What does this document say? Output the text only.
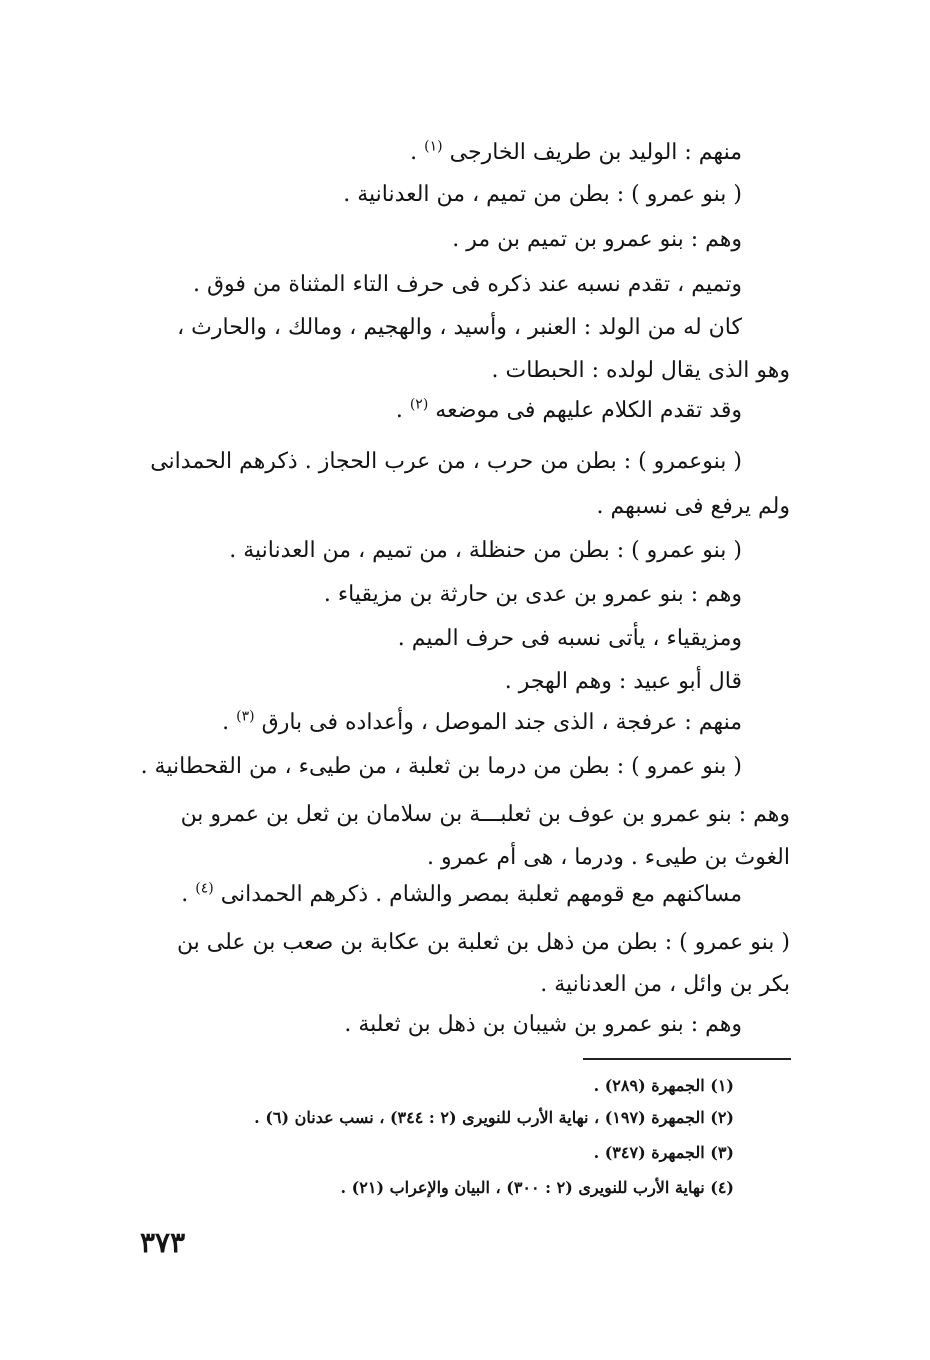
منهم : الوليد بن طريف الخارجى $^{(١)}$ .
( بنو عمرو ) : بطن من تميم ، من العدنانية .
وهم : بنو عمرو بن تميم بن مر .
وتميم ، تقدم نسبه عند ذكره فى حرف التاء المثناة من فوق .
كان له من الولد : العنبر ، وأسيد ، والهجيم ، ومالك ، والحارث ،
وهو الذى يقال لولده : الحبطات .
وقد تقدم الكلام عليهم فى موضعه $^{(٢)}$ .
( بنوعمرو ) : بطن من حرب ، من عرب الحجاز . ذكرهم الحمدانى
ولم يرفع فى نسبهم .
( بنو عمرو ) : بطن من حنظلة ، من تميم ، من العدنانية .
وهم : بنو عمرو بن عدى بن حارثة بن مزيقياء .
ومزيقياء ، يأتى نسبه فى حرف الميم .
قال أبو عبيد : وهم الهجر .
منهم : عرفجة ، الذى جند الموصل ، وأعداده فى بارق $^{(٣)}$ .
( بنو عمرو ) : بطن من درما بن ثعلبة ، من طيىء ، من القحطانية .
وهم : بنو عمرو بن عوف بن ثعلبـــة بن سلامان بن ثعل بن عمرو بن
الغوث بن طيىء . ودرما ، هى أم عمرو .
مساكنهم مع قومهم ثعلبة بمصر والشام . ذكرهم الحمدانى $^{(٤)}$ .
( بنو عمرو ) : بطن من ذهل بن ثعلبة بن عكابة بن صعب بن على بن
بكر بن وائل ، من العدنانية .
وهم : بنو عمرو بن شيبان بن ذهل بن ثعلبة .
(١) الجمهرة (٢٨٩) .
(٢) الجمهرة (١٩٧) ، نهاية الأرب للنويرى (٢ : ٣٤٤) ، نسب عدنان (٦) .
(٣) الجمهرة (٣٤٧) .
(٤) نهاية الأرب للنويرى (٢ : ٣٠٠) ، البيان والإعراب (٢١) .
٣٧٣
